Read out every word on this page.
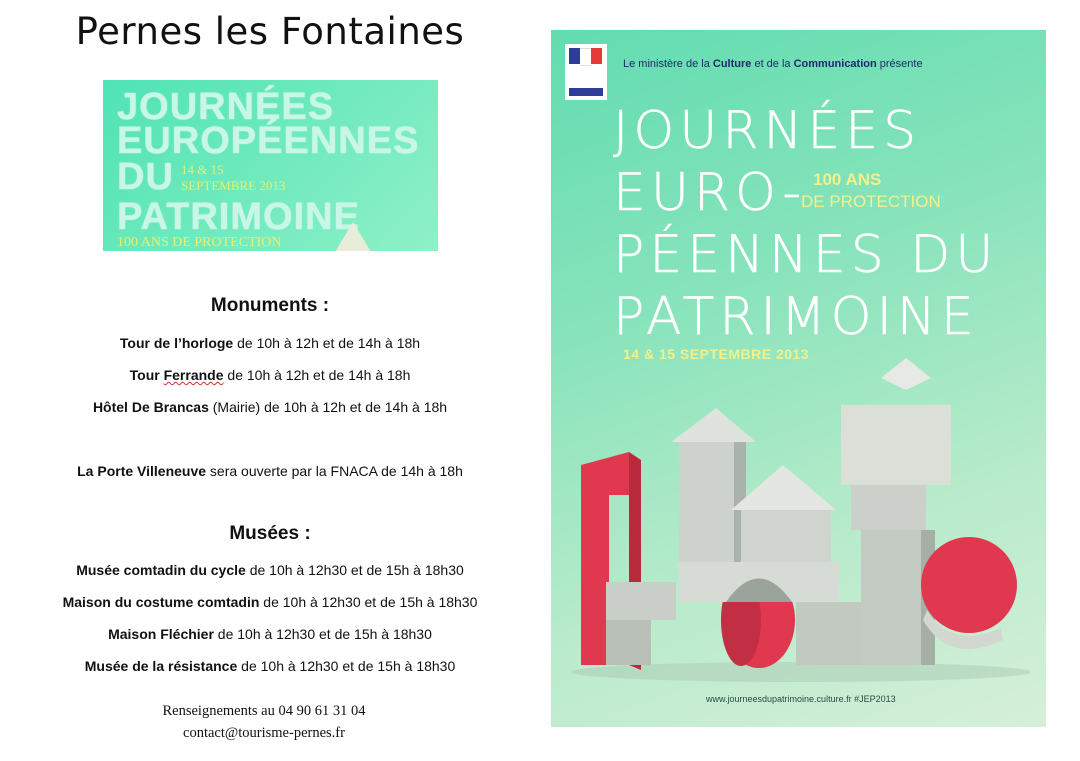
Pernes les Fontaines
JOURNÉES
EUROPÉENNES
DU
PATRIMOINE
14 & 15
SEPTEMBRE 2013
100 ANS DE PROTECTION
Monuments :
Tour de l’horloge de 10h à 12h et de 14h à 18h
Tour Ferrande de 10h à 12h et de 14h à 18h
Hôtel De Brancas (Mairie) de 10h à 12h et de 14h à 18h
La Porte Villeneuve sera ouverte par la FNACA de 14h à 18h
Musées :
Musée comtadin du cycle de 10h à 12h30 et de 15h à 18h30
Maison du costume comtadin de 10h à 12h30 et de 15h à 18h30
Maison Fléchier de 10h à 12h30 et de 15h à 18h30
Musée de la résistance de 10h à 12h30 et de 15h à 18h30
Renseignements au 04 90 61 31 04
contact@tourisme-pernes.fr
Le ministère de la Culture et de la Communication présente
JOURNÉES
EURO- 100 ANS
DE PROTECTION
PÉENNES DU
PATRIMOINE
14 & 15 SEPTEMBRE 2013
www.journeesdupatrimoine.culture.fr #JEP2013
